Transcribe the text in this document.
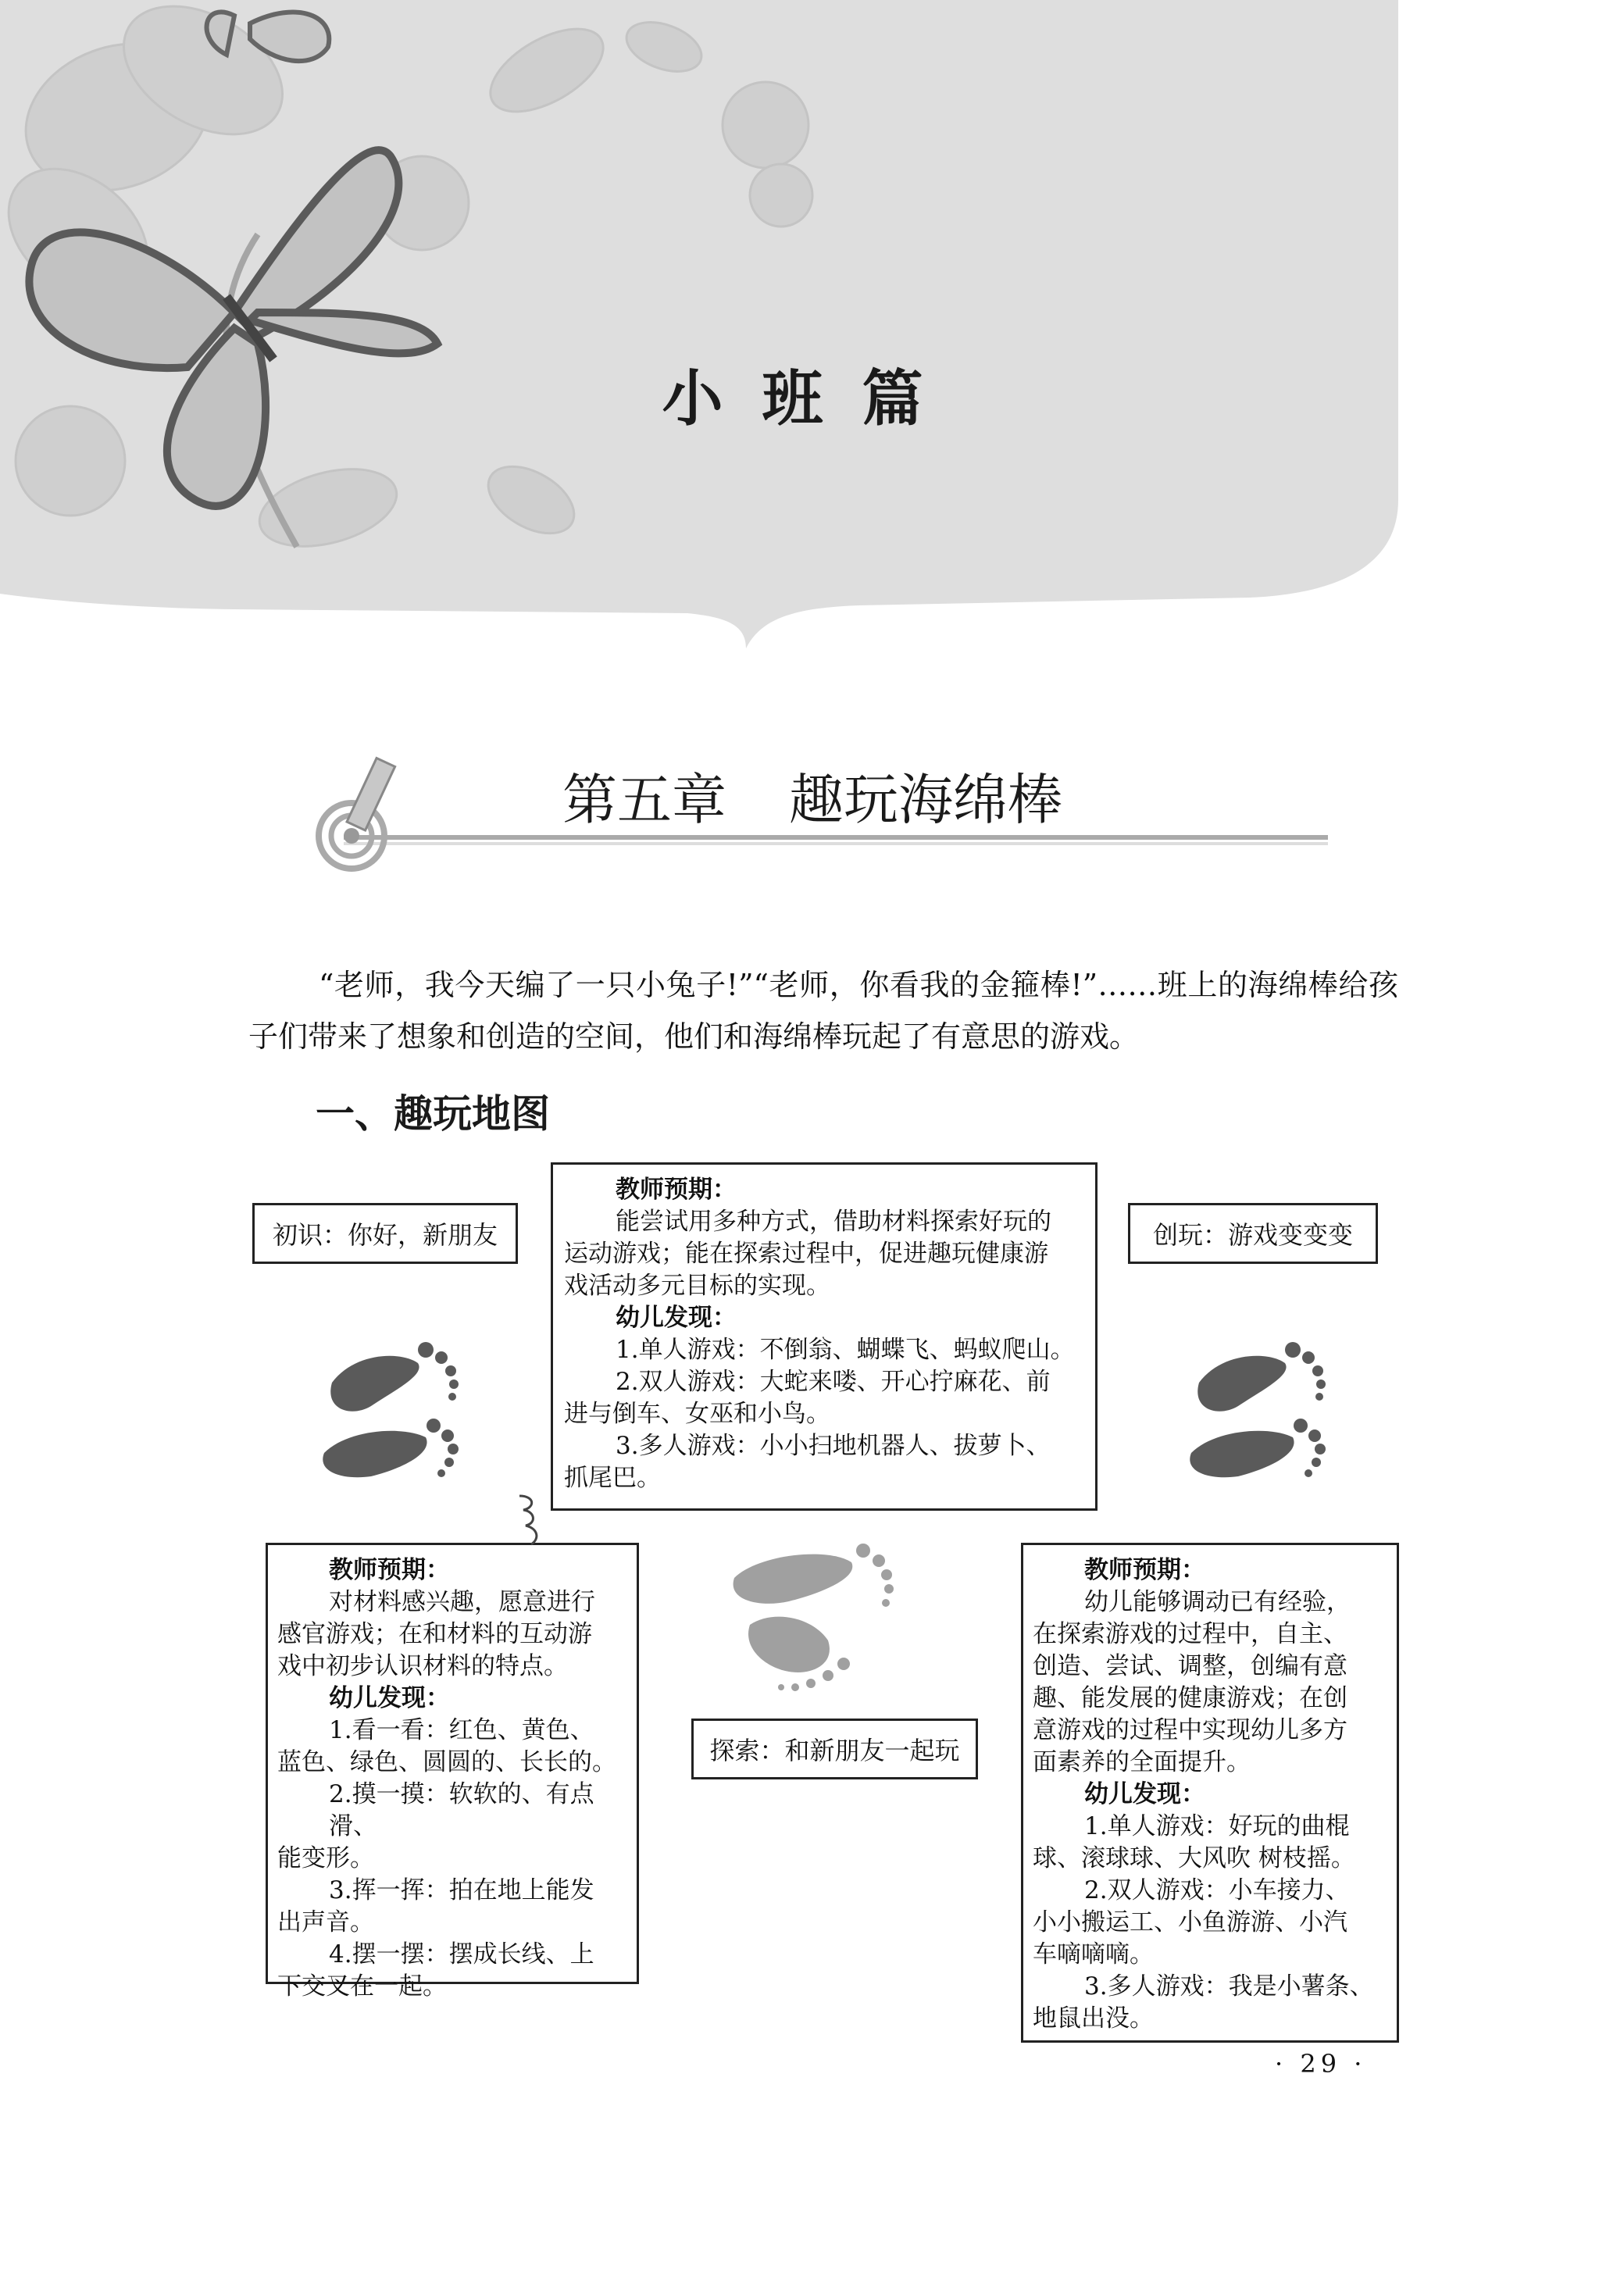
小班篇
第五章 趣玩海绵棒

“老师，我今天编了一只小兔子!”“老师，你看我的金箍棒!”……班上的海绵棒给孩子们带来了想象和创造的空间，他们和海绵棒玩起了有意思的游戏。

一、趣玩地图
初识：你好，新朋友	创玩：游戏变变变
探索：和新朋友一起玩
教师预期：
能尝试用多种方式，借助材料探索好玩的
运动游戏；能在探索过程中，促进趣玩健康游
戏活动多元目标的实现。
幼儿发现：
1.单人游戏：不倒翁、蝴蝶飞、蚂蚁爬山。
2.双人游戏：大蛇来喽、开心拧麻花、前
进与倒车、女巫和小鸟。
3.多人游戏：小小扫地机器人、拔萝卜、
抓尾巴。
教师预期：
对材料感兴趣，愿意进行
感官游戏；在和材料的互动游
戏中初步认识材料的特点。
幼儿发现：
1.看一看：红色、黄色、
蓝色、绿色、圆圆的、长长的。
2.摸一摸：软软的、有点滑、
能变形。
3.挥一挥：拍在地上能发
出声音。
4.摆一摆：摆成长线、上
下交叉在一起。
教师预期：
幼儿能够调动已有经验，
在探索游戏的过程中，自主、
创造、尝试、调整，创编有意
趣、能发展的健康游戏；在创
意游戏的过程中实现幼儿多方
面素养的全面提升。
幼儿发现：
1.单人游戏：好玩的曲棍
球、滚球球、大风吹 树枝摇。
2.双人游戏：小车接力、
小小搬运工、小鱼游游、小汽
车嘀嘀嘀。
3.多人游戏：我是小薯条、
地鼠出没。
· 29 ·
